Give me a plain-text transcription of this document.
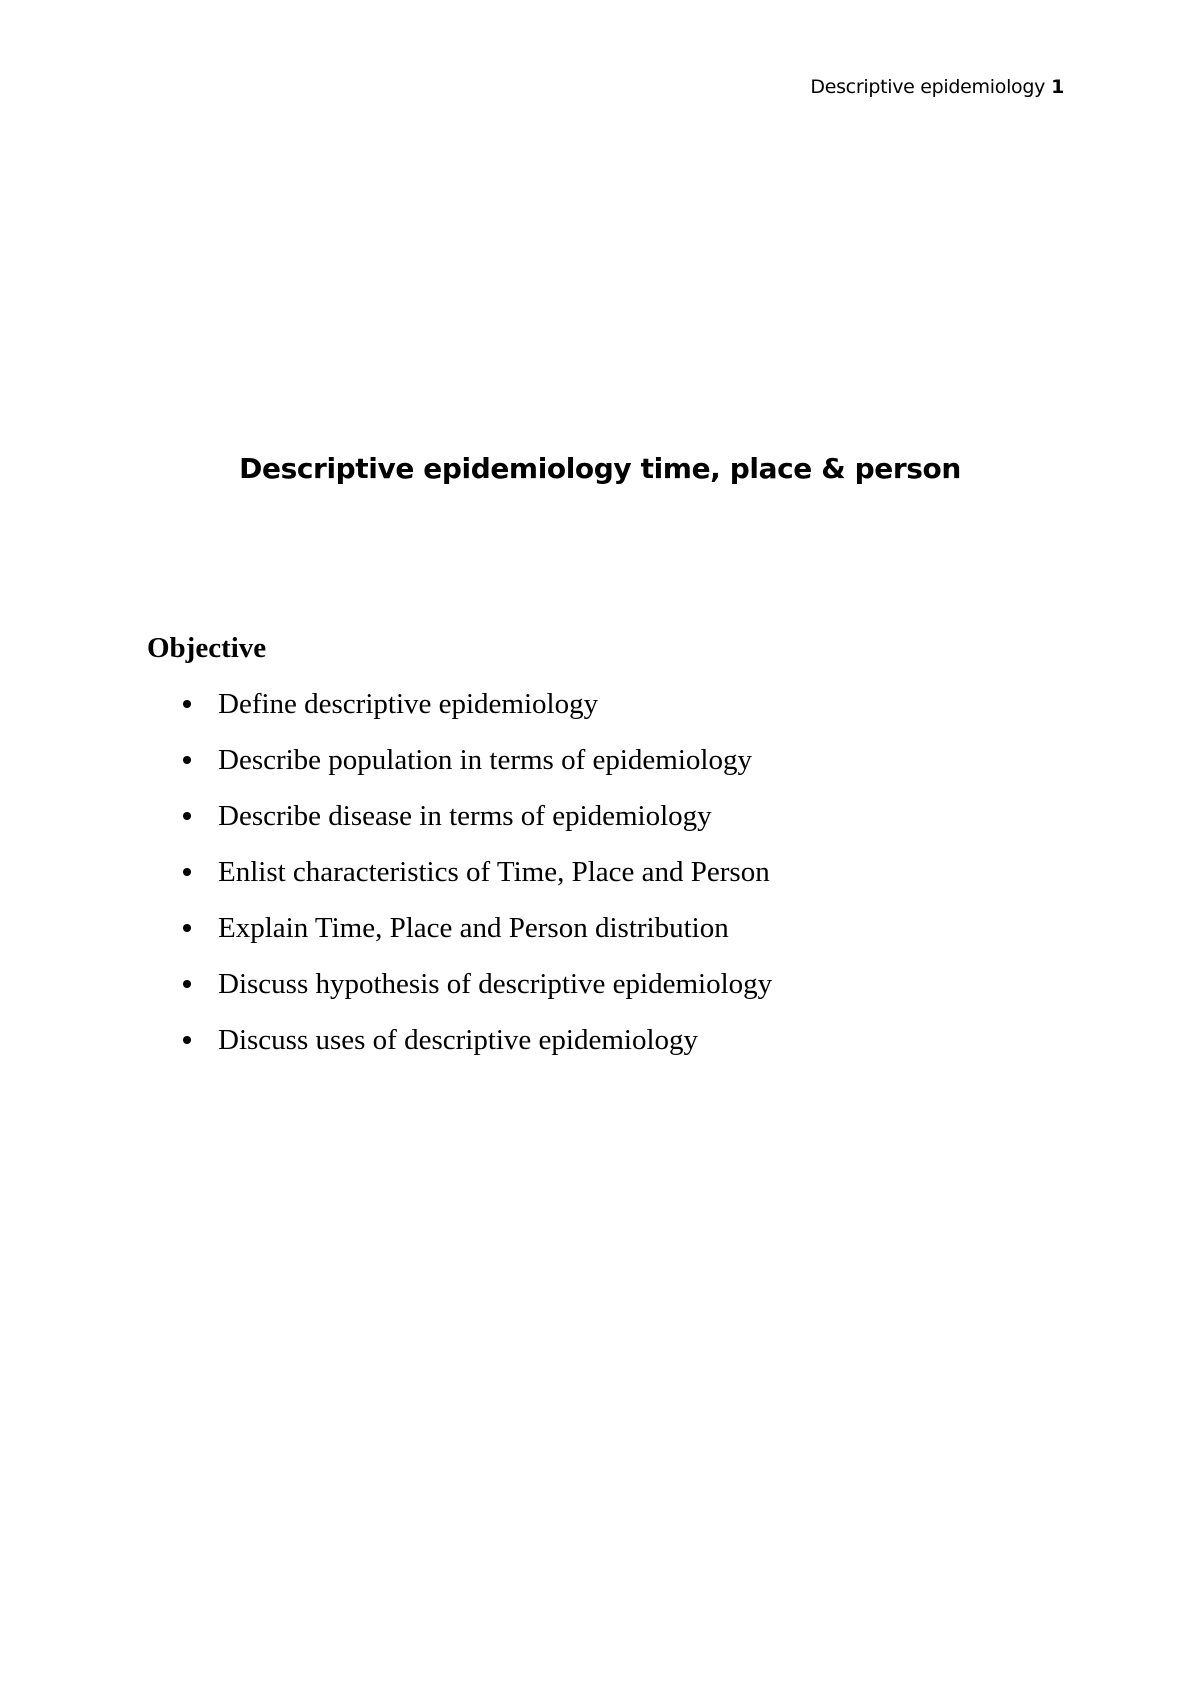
Descriptive epidemiology 1
Descriptive epidemiology time, place & person
Objective
Define descriptive epidemiology
Describe population in terms of epidemiology
Describe disease in terms of epidemiology
Enlist characteristics of Time, Place and Person
Explain Time, Place and Person distribution
Discuss hypothesis of descriptive epidemiology
Discuss uses of descriptive epidemiology
